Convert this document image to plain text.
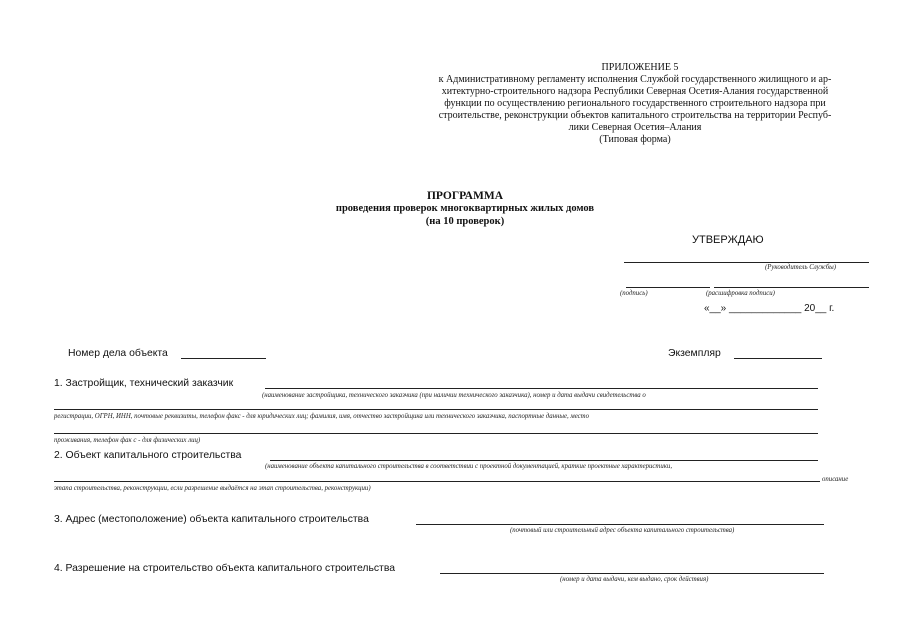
ПРИЛОЖЕНИЕ 5
к Административному регламенту исполнения Службой государственного жилищного и ар-
хитектурно-строительного надзора Республики Северная Осетия-Алания государственной
функции по осуществлению регионального государственного строительного надзора при
строительстве, реконструкции объектов капитального строительства на территории Респуб-
лики Северная Осетия–Алания
(Типовая форма)
ПРОГРАММА
проведения проверок многоквартирных жилых домов
(на 10 проверок)
УТВЕРЖДАЮ
(Руководитель Службы)
(подпись)	(расшифровка подписи)
«__» _____________ 20__ г.
Номер дела объекта	Экземпляр
1. Застройщик, технический заказчик
(наименование застройщика, технического заказчика (при наличии технического заказчика), номер и дата выдачи свидетельства о
регистрации, ОГРН, ИНН, почтовые реквизиты, телефон факс - для юридических лиц; фамилия, имя, отчество застройщика или технического заказчика, паспортные данные, место
проживания, телефон фак с - для физических лиц)
2. Объект капитального строительства
(наименование объекта капитального строительства в соответствии с проектной документацией, краткие проектные характеристики,
описание
этапа строительства, реконструкции, если разрешение выдаётся на этап строительства, реконструкции)
3. Адрес (местоположение) объекта капитального строительства
(почтовый или строительный адрес объекта капитального строительства)
4. Разрешение на строительство объекта капитального строительства
(номер и дата выдачи, кем выдано, срок действия)
